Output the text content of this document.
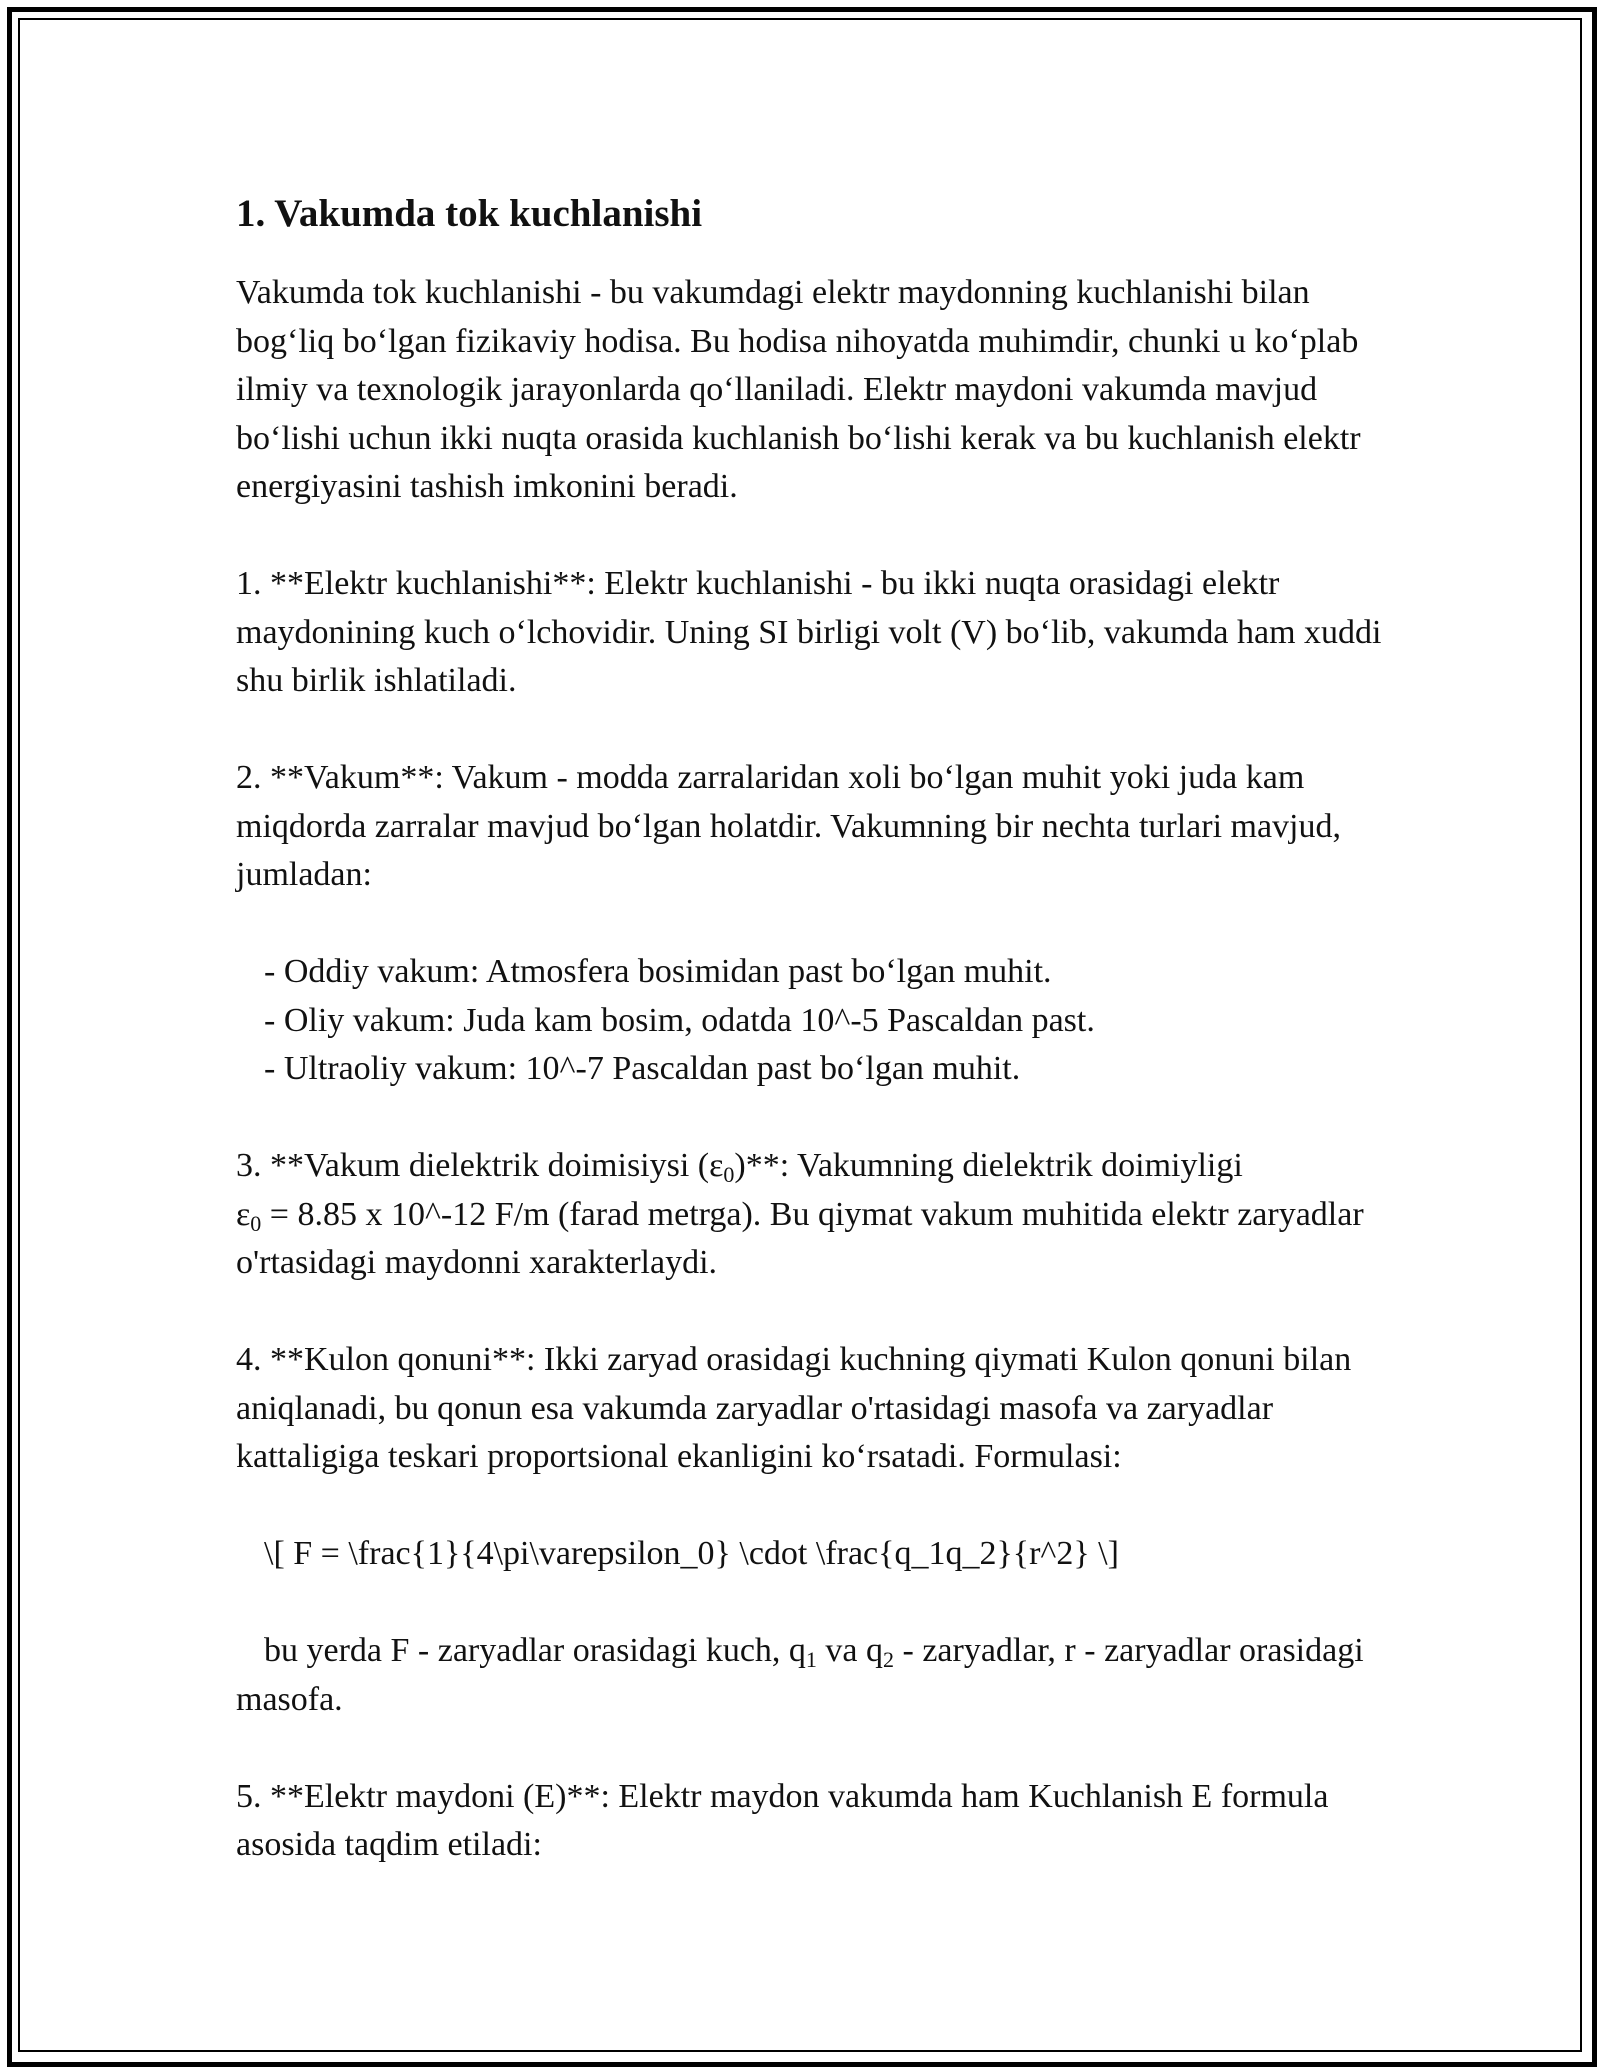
1. Vakumda tok kuchlanishi

Vakumda tok kuchlanishi - bu vakumdagi elektr maydonning kuchlanishi bilan bog‘liq bo‘lgan fizikaviy hodisa. Bu hodisa nihoyatda muhimdir, chunki u ko‘plab ilmiy va texnologik jarayonlarda qo‘llaniladi. Elektr maydoni vakumda mavjud bo‘lishi uchun ikki nuqta orasida kuchlanish bo‘lishi kerak va bu kuchlanish elektr energiyasini tashish imkonini beradi.

1. **Elektr kuchlanishi**: Elektr kuchlanishi - bu ikki nuqta orasidagi elektr maydonining kuch o‘lchovidir. Uning SI birligi volt (V) bo‘lib, vakumda ham xuddi shu birlik ishlatiladi.

2. **Vakum**: Vakum - modda zarralaridan xoli bo‘lgan muhit yoki juda kam miqdorda zarralar mavjud bo‘lgan holatdir. Vakumning bir nechta turlari mavjud, jumladan:

- Oddiy vakum: Atmosfera bosimidan past bo‘lgan muhit.
- Oliy vakum: Juda kam bosim, odatda 10^-5 Pascaldan past.
- Ultraoliy vakum: 10^-7 Pascaldan past bo‘lgan muhit.

3. **Vakum dielektrik doimisiysi $(\varepsilon_0)**$: Vakumning dielektrik doimiyligi
$\varepsilon_0 = 8.85$ x 10^-12 F/m (farad metrga). Bu qiymat vakum muhitida elektr zaryadlar o'rtasidagi maydonni xarakterlaydi.

4. **Kulon qonuni**: Ikki zaryad orasidagi kuchning qiymati Kulon qonuni bilan aniqlanadi, bu qonun esa vakumda zaryadlar o'rtasidagi masofa va zaryadlar kattaligiga teskari proportsional ekanligini ko‘rsatadi. Formulasi:

\[ F = \frac{1}{4\pi\varepsilon_0} \cdot \frac{q_1q_2}{r^2} \]

bu yerda F - zaryadlar orasidagi kuch, $q_1$ va $q_2$ - zaryadlar, r - zaryadlar orasidagi masofa.

5. **Elektr maydoni (E)**: Elektr maydon vakumda ham Kuchlanish E formula asosida taqdim etiladi:
